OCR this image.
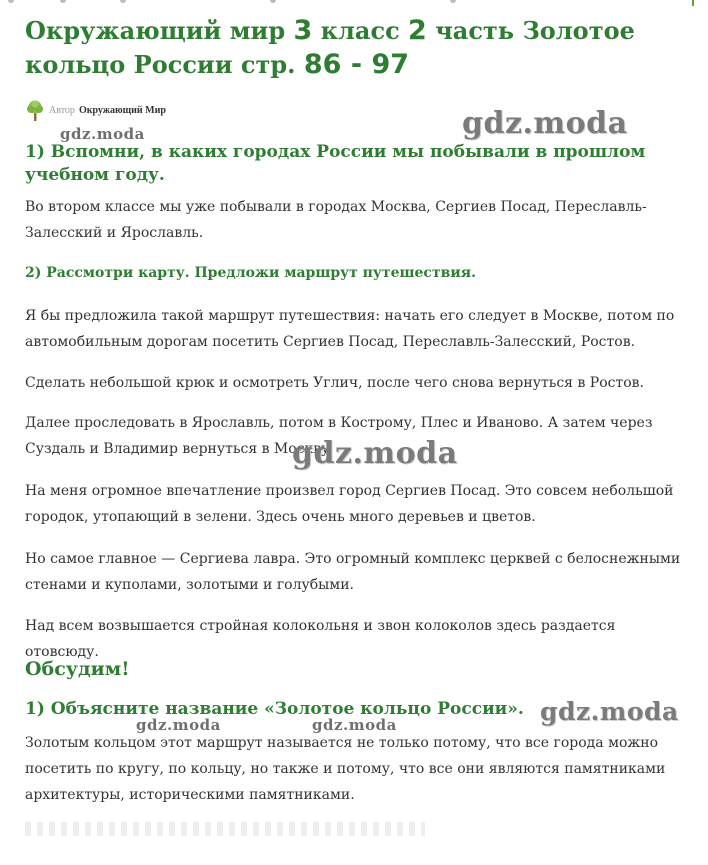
Окружающий мир 3 класс 2 часть Золотое кольцо России стр. 86 - 97
Автор Окружающий Мир	gdz.moda
gdz.moda
1) Вспомни, в каких городах России мы побывали в прошлом учебном году.

Во втором классе мы уже побывали в городах Москва, Сергиев Посад, Переславль-Залесский и Ярославль.

2) Рассмотри карту. Предложи маршрут путешествия.

Я бы предложила такой маршрут путешествия: начать его следует в Москве, потом по автомобильным дорогам посетить Сергиев Посад, Переславль-Залесский, Ростов.

Сделать небольшой крюк и осмотреть Углич, после чего снова вернуться в Ростов.

Далее проследовать в Ярославль, потом в Кострому, Плес и Иваново. А затем через Суздаль и Владимир вернуться в Москву.

gdz.moda

На меня огромное впечатление произвел город Сергиев Посад. Это совсем небольшой городок, утопающий в зелени. Здесь очень много деревьев и цветов.

Но самое главное — Сергиева лавра. Это огромный комплекс церквей с белоснежными стенами и куполами, золотыми и голубыми.

Над всем возвышается стройная колокольня и звон колоколов здесь раздается отовсюду.

Обсудим!
1) Объясните название «Золотое кольцо России». gdz.moda
gdz.moda	gdz.moda

Золотым кольцом этот маршрут называется не только потому, что все города можно посетить по кругу, по кольцу, но также и потому, что все они являются памятниками архитектуры, историческими памятниками.
